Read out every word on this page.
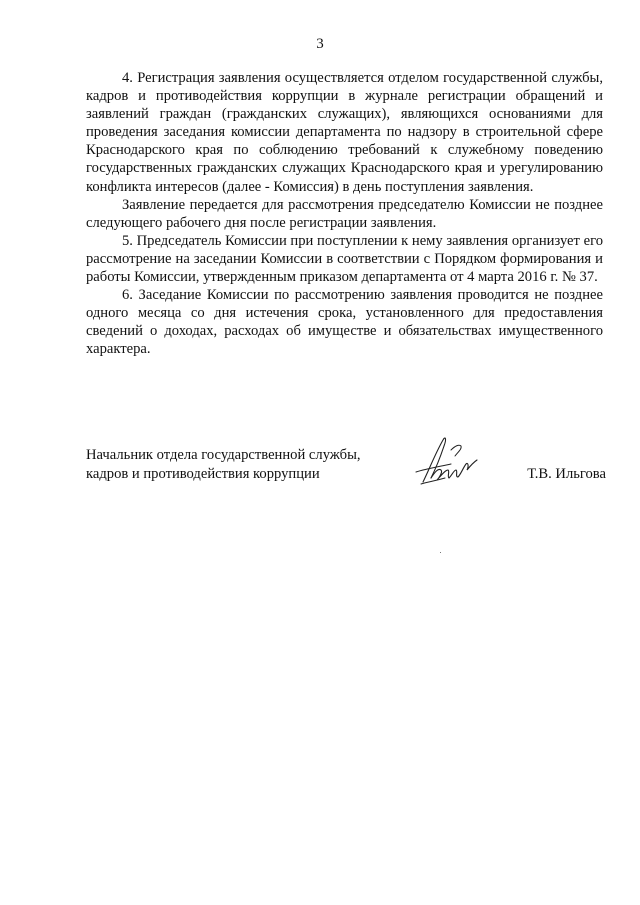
3

4. Регистрация заявления осуществляется отделом государственной службы, кадров и противодействия коррупции в журнале регистрации обращений и заявлений граждан (гражданских служащих), являющихся основаниями для проведения заседания комиссии департамента по надзору в строительной сфере Краснодарского края по соблюдению требований к служебному поведению государственных гражданских служащих Краснодарского края и урегулированию конфликта интересов (далее - Комиссия) в день поступления заявления.

Заявление передается для рассмотрения председателю Комиссии не позднее следующего рабочего дня после регистрации заявления.

5. Председатель Комиссии при поступлении к нему заявления организует его рассмотрение на заседании Комиссии в соответствии с Порядком формирования и работы Комиссии, утвержденным приказом департамента от 4 марта 2016 г. № 37.

6. Заседание Комиссии по рассмотрению заявления проводится не позднее одного месяца со дня истечения срока, установленного для предоставления сведений о доходах, расходах об имуществе и обязательствах имущественного характера.

Начальник отдела государственной службы,
кадров и противодействия коррупции	Т.В. Ильгова
